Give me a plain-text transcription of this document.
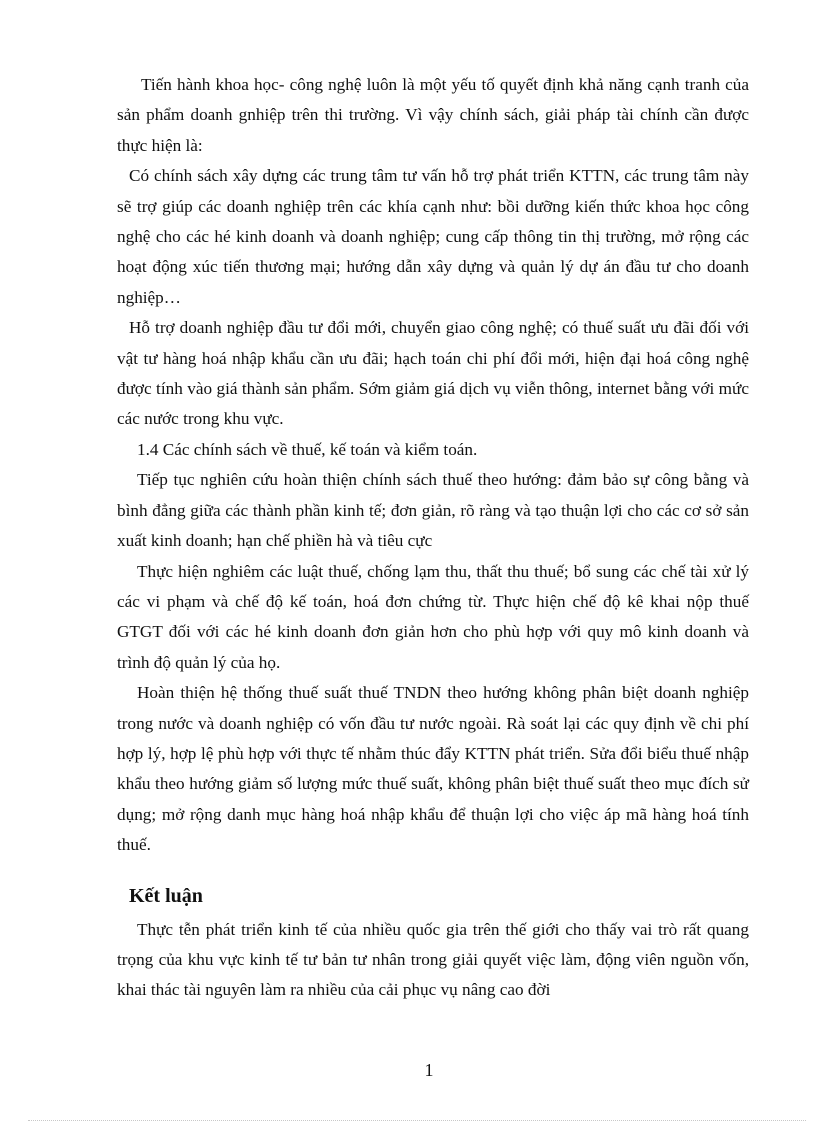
Tiến hành khoa học- công nghệ luôn là một yếu tố quyết định khả năng cạnh tranh của sản phẩm doanh gnhiệp trên thi trường. Vì vậy chính sách, giải pháp tài chính cần được thực hiện là:

Có chính sách xây dựng các trung tâm tư vấn hỗ trợ phát triển KTTN, các trung tâm này sẽ trợ giúp các doanh nghiệp trên các khía cạnh như: bồi dưỡng kiến thức khoa học công nghệ cho các hé kinh doanh và doanh nghiệp; cung cấp thông tin thị trường, mở rộng các hoạt động xúc tiến thương mại; hướng dẫn xây dựng và quản lý dự án đầu tư cho doanh nghiệp…

Hỗ trợ doanh nghiệp đầu tư đổi mới, chuyển giao công nghệ; có thuế suất ưu đãi đối với vật tư hàng hoá nhập khẩu cần ưu đãi; hạch toán chi phí đổi mới, hiện đại hoá công nghệ được tính vào giá thành sản phẩm. Sớm giảm giá dịch vụ viễn thông, internet bằng với mức các nước trong khu vực.

1.4 Các chính sách về thuế, kế toán và kiểm toán.

Tiếp tục nghiên cứu hoàn thiện chính sách thuế theo hướng: đảm bảo sự công bằng và bình đẳng giữa các thành phần kinh tế; đơn giản, rõ ràng và tạo thuận lợi cho các cơ sở sản xuất kinh doanh; hạn chế phiền hà và tiêu cực

Thực hiện nghiêm các luật thuế, chống lạm thu, thất thu thuế; bổ sung các chế tài xử lý các vi phạm và chế độ kế toán, hoá đơn chứng từ. Thực hiện chế độ kê khai nộp thuế GTGT đối với các hé kinh doanh đơn giản hơn cho phù hợp với quy mô kinh doanh và trình độ quản lý của họ.

Hoàn thiện hệ thống thuế suất thuế TNDN theo hướng không phân biệt doanh nghiệp trong nước và doanh nghiệp có vốn đầu tư nước ngoài. Rà soát lại các quy định về chi phí hợp lý, hợp lệ phù hợp với thực tế nhằm thúc đẩy KTTN phát triển. Sửa đổi biểu thuế nhập khẩu theo hướng giảm số lượng mức thuế suất, không phân biệt thuế suất theo mục đích sử dụng; mở rộng danh mục hàng hoá nhập khẩu để thuận lợi cho việc áp mã hàng hoá tính thuế.

Kết luận

Thực tễn phát triển kinh tế của nhiều quốc gia trên thế giới cho thấy vai trò rất quang trọng của khu vực kinh tế tư bản tư nhân trong giải quyết việc làm, động viên nguồn vốn, khai thác tài nguyên làm ra nhiều của cải phục vụ nâng cao đời

1
